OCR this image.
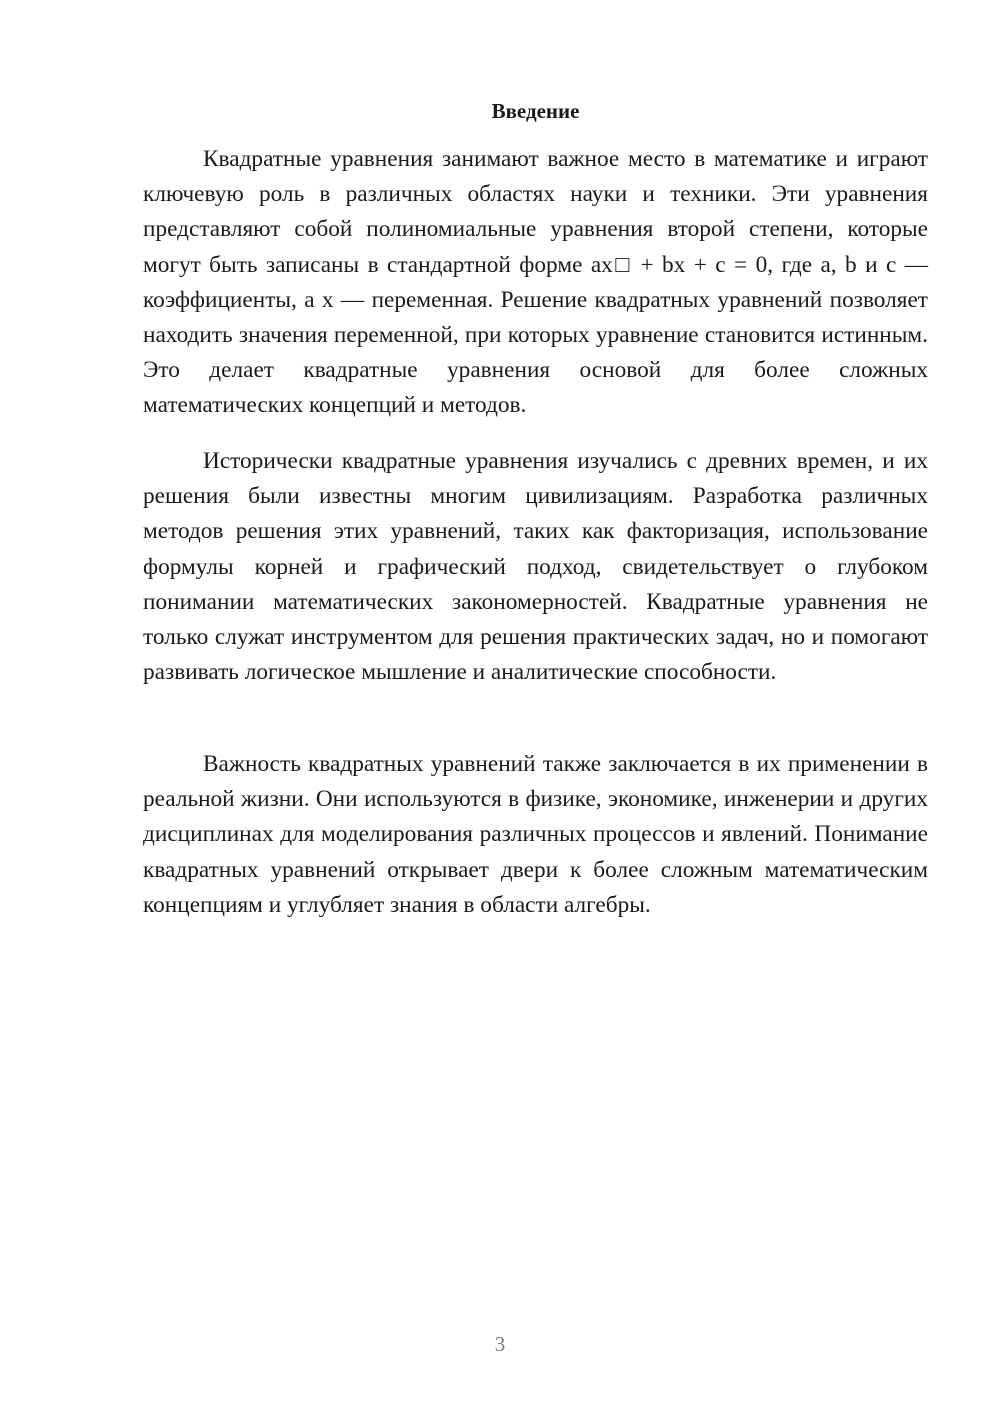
Введение

Квадратные уравнения занимают важное место в математике и играют ключевую роль в различных областях науки и техники. Эти уравнения представляют собой полиномиальные уравнения второй степени, которые могут быть записаны в стандартной форме ax□ + bx + c = 0, где a, b и c — коэффициенты, а x — переменная. Решение квадратных уравнений позволяет находить значения переменной, при которых уравнение становится истинным. Это делает квадратные уравнения основой для более сложных математических концепций и методов.

Исторически квадратные уравнения изучались с древних времен, и их решения были известны многим цивилизациям. Разработка различных методов решения этих уравнений, таких как факторизация, использование формулы корней и графический подход, свидетельствует о глубоком понимании математических закономерностей. Квадратные уравнения не только служат инструментом для решения практических задач, но и помогают развивать логическое мышление и аналитические способности.

Важность квадратных уравнений также заключается в их применении в реальной жизни. Они используются в физике, экономике, инженерии и других дисциплинах для моделирования различных процессов и явлений. Понимание квадратных уравнений открывает двери к более сложным математическим концепциям и углубляет знания в области алгебры.

3
